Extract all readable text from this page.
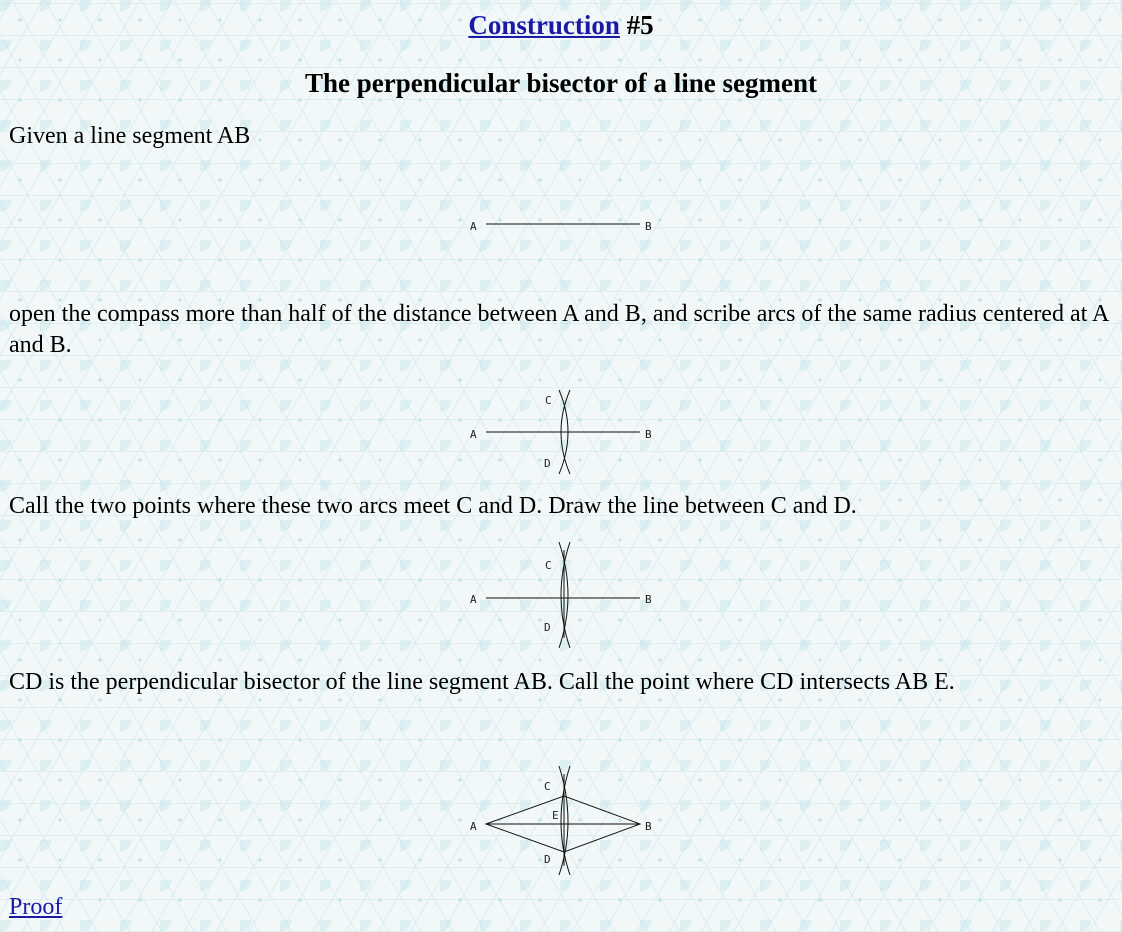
Construction #5
The perpendicular bisector of a line segment
Given a line segment AB
A	B
open the compass more than half of the distance between A and B, and scribe arcs of the same radius centered at A and B.
A	B
C
D
Call the two points where these two arcs meet C and D. Draw the line between C and D.
A	B
C
D
CD is the perpendicular bisector of the line segment AB. Call the point where CD intersects AB E.
A	B
C
E
D
Proof
